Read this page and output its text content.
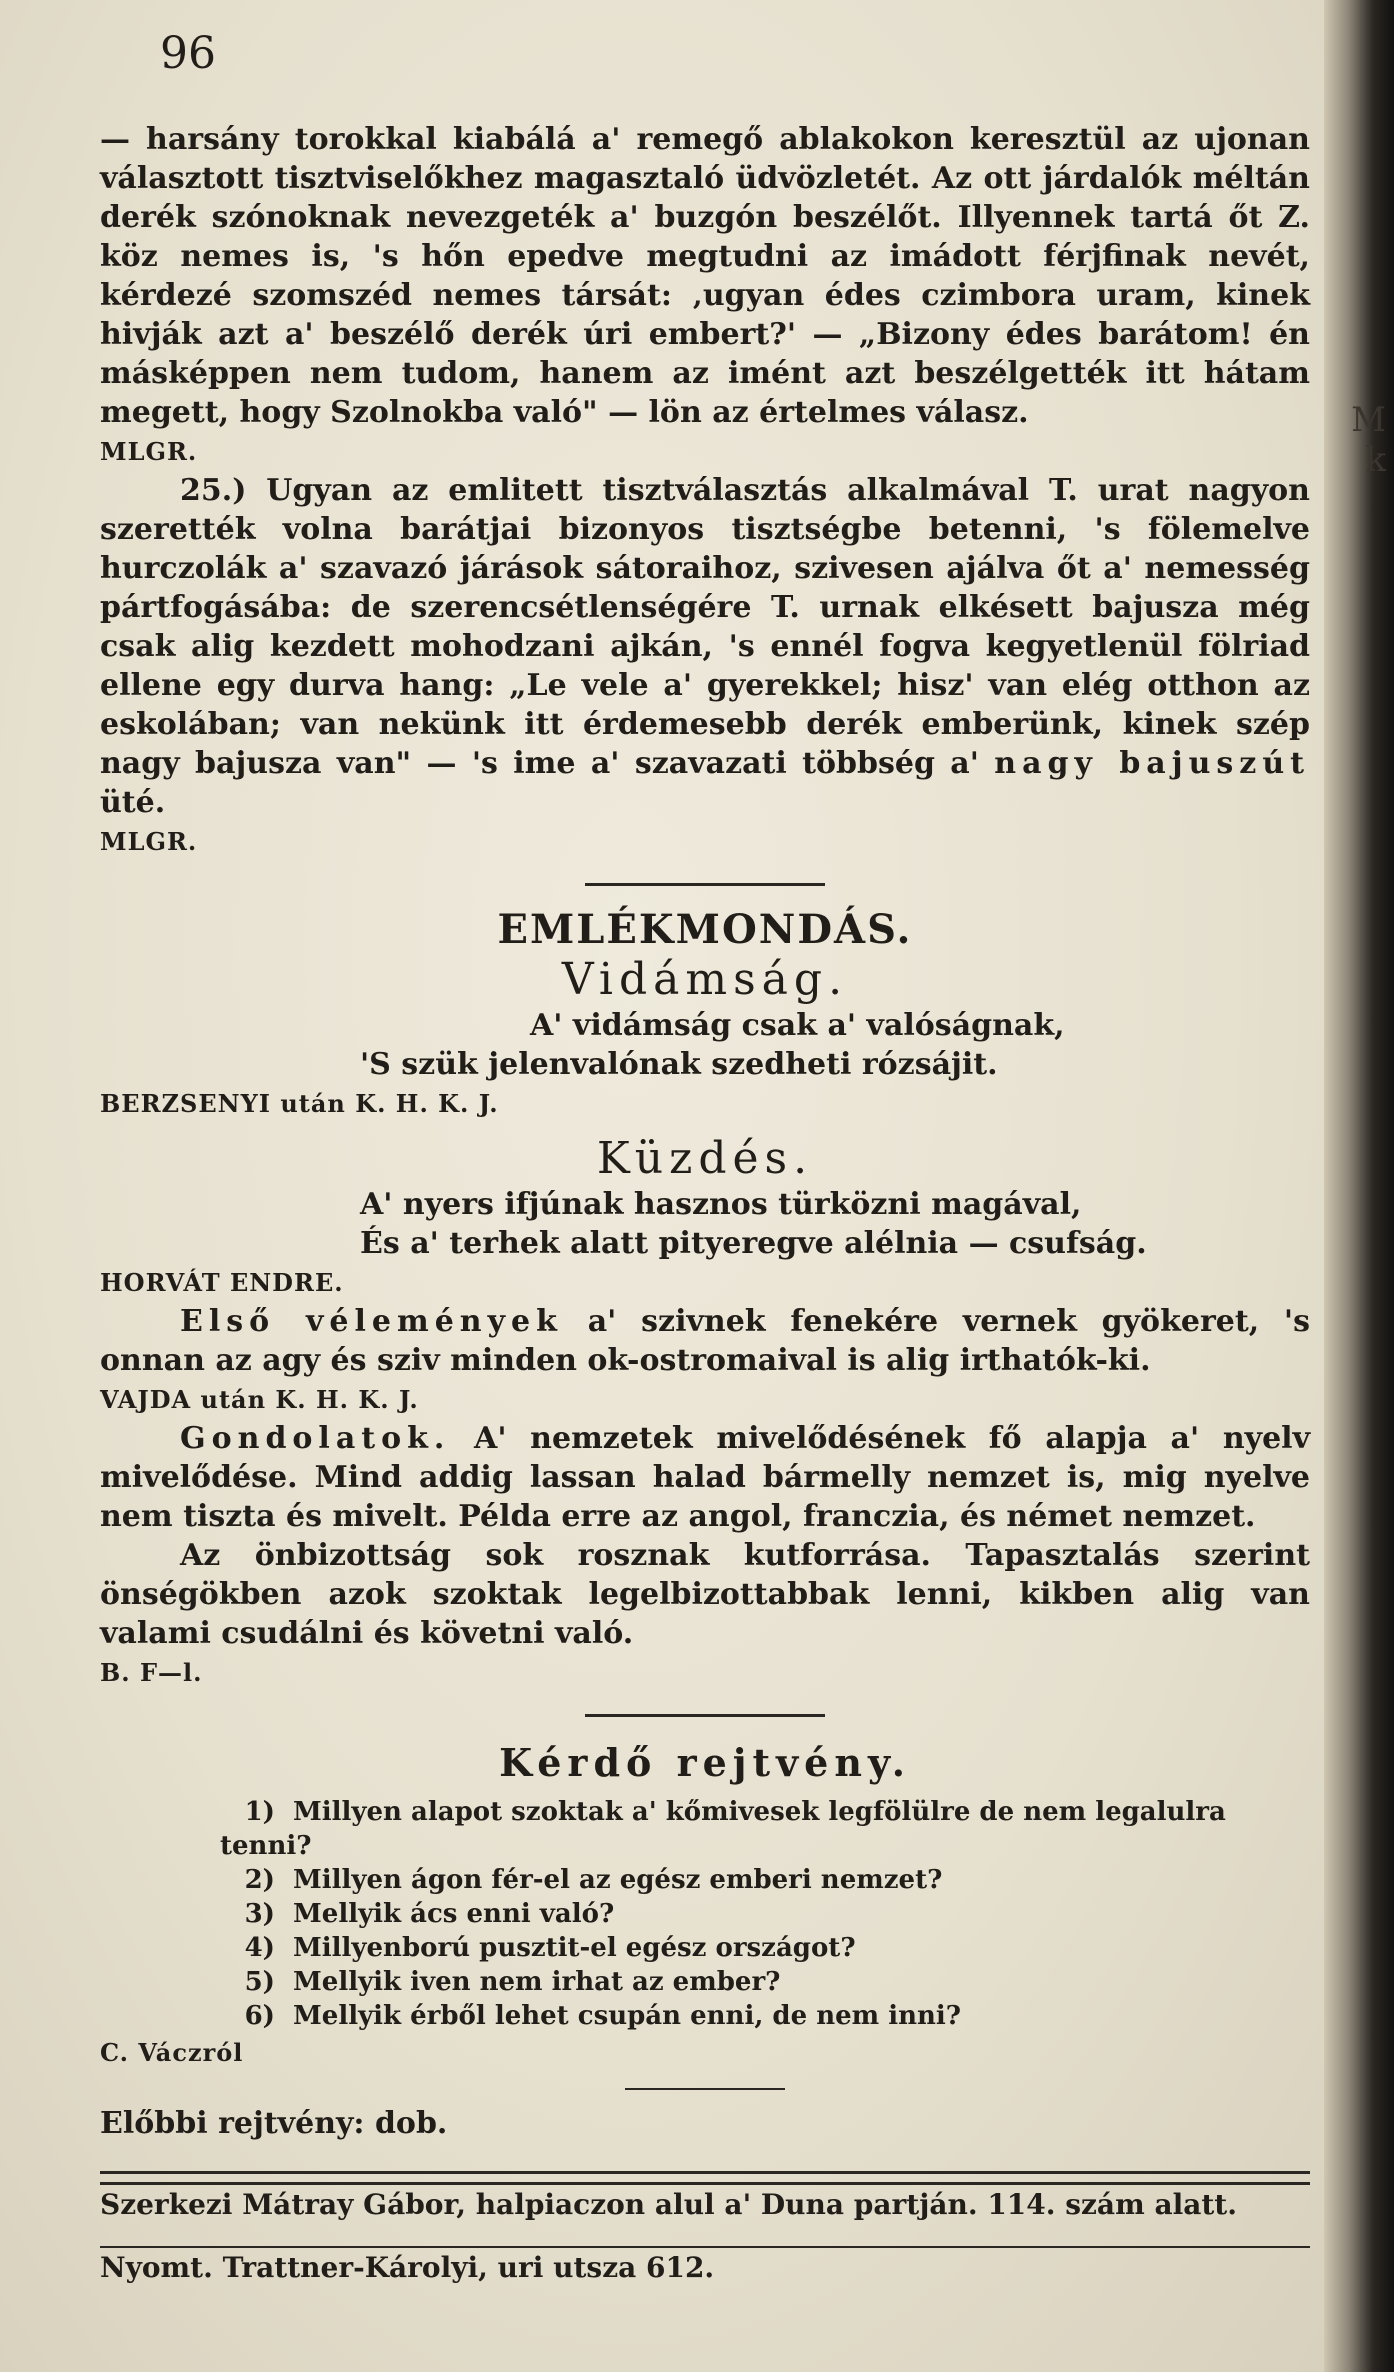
M
k
96

— harsány torokkal kiabálá a' remegő ablakokon keresztül az ujonan választott tisztviselőkhez magasztaló üdvözletét. Az ott járdalók méltán derék szónoknak nevezgeték a' buzgón beszélőt. Illyennek tartá őt Z. köz nemes is, 's hőn epedve megtudni az imádott férjfinak nevét, kérdezé szomszéd nemes társát: ‚ugyan édes czimbora uram, kinek hivják azt a' beszélő derék úri embert?' — „Bizony édes barátom! én másképpen nem tudom, hanem az imént azt beszélgették itt hátam megett, hogy Szolnokba való" — lön az értelmes válasz.

MLGR.

25.) Ugyan az emlitett tisztválasztás alkalmával T. urat nagyon szerették volna barátjai bizonyos tisztségbe betenni, 's fölemelve hurczolák a' szavazó járások sátoraihoz, szivesen ajálva őt a' nemesség pártfogásába: de szerencsétlenségére T. urnak elkésett bajusza még csak alig kezdett mohodzani ajkán, 's ennél fogva kegyetlenül fölriad ellene egy durva hang: „Le vele a' gyerekkel; hisz' van elég otthon az eskolában; van nekünk itt érdemesebb derék emberünk, kinek szép nagy bajusza van" — 's ime a' szavazati többség a' nagy bajuszút üté.

MLGR.

EMLÉKMONDÁS.
Vidámság.

A' vidámság csak a' valóságnak,

'S szük jelenvalónak szedheti rózsájit.

BERZSENYI után K. H. K. J.

Küzdés.

A' nyers ifjúnak hasznos türközni magával,

És a' terhek alatt pityeregve alélnia — csufság.

HORVÁT ENDRE.

Első vélemények a' szivnek fenekére vernek gyökeret, 's onnan az agy és sziv minden ok-ostromaival is alig irthatók-ki.

VAJDA után K. H. K. J.

Gondolatok. A' nemzetek mivelődésének fő alapja a' nyelv mivelődése. Mind addig lassan halad bármelly nemzet is, mig nyelve nem tiszta és mivelt. Példa erre az angol, franczia, és német nemzet.

Az önbizottság sok rosznak kutforrása. Tapasztalás szerint önségökben azok szoktak legelbizottabbak lenni, kikben alig van valami csudálni és követni való.

B. F—l.

Kérdő rejtvény.
1) Millyen alapot szoktak a' kőmivesek legfölülre de nem legalulra tenni?
2) Millyen ágon fér-el az egész emberi nemzet?
3) Mellyik ács enni való?
4) Millyenború pusztit-el egész országot?
5) Mellyik iven nem irhat az ember?
6) Mellyik érből lehet csupán enni, de nem inni?

C. Váczról

Előbbi rejtvény: dob.

Szerkezi Mátray Gábor, halpiaczon alul a' Duna partján. 114. szám alatt.

Nyomt. Trattner-Károlyi, uri utsza 612.
